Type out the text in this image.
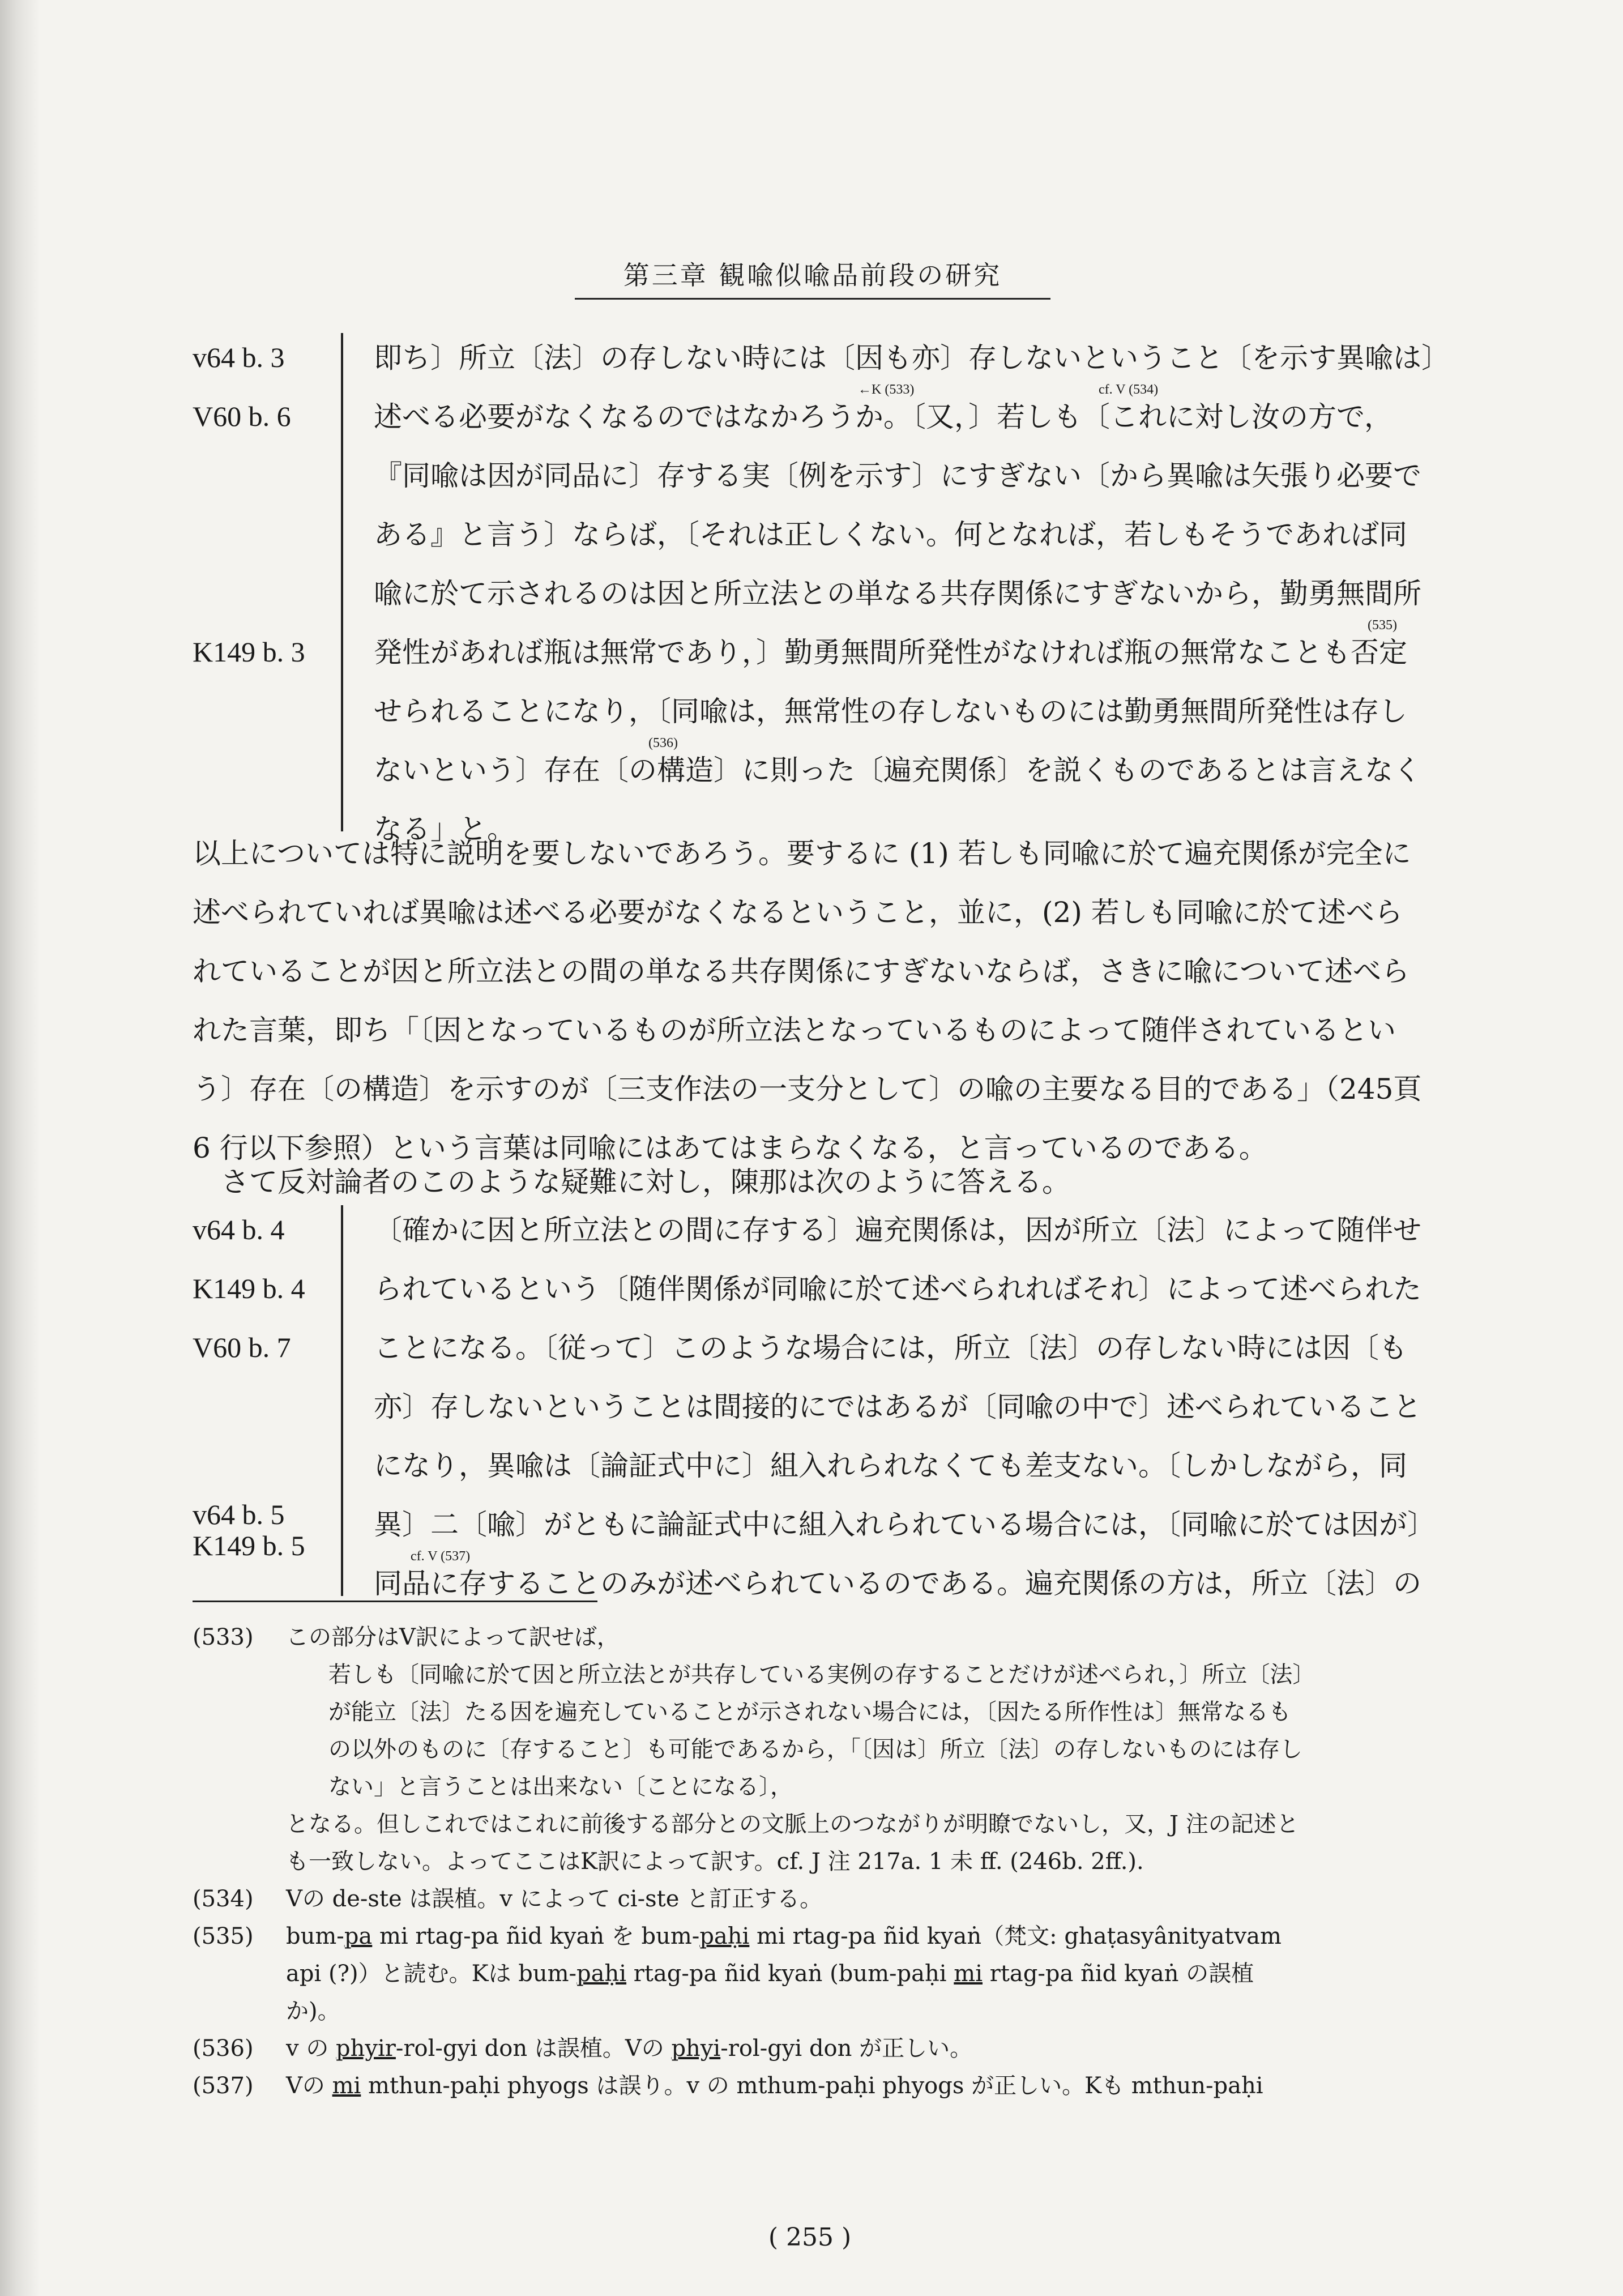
第三章 観喩似喩品前段の研究
v64 b. 3
V60 b. 6
K149 b. 3
即ち〕所立〔法〕の存しない時には〔因も亦〕存しないということ〔を示す異喩は〕
述べる必要がなくなるのではなかろうか。〔又，〕若しも〔これに対し汝の方で，
←K (533)	cf. V (534)
『同喩は因が同品に〕存する実〔例を示す〕にすぎない〔から異喩は矢張り必要で
ある』と言う〕ならば，〔それは正しくない。何となれば，若しもそうであれば同
喩に於て示されるのは因と所立法との単なる共存関係にすぎないから，勤勇無間所
発性があれば瓶は無常であり，〕勤勇無間所発性がなければ瓶の無常なことも否定
(535)
せられることになり，〔同喩は，無常性の存しないものには勤勇無間所発性は存し
ないという〕存在〔の構造〕に則った〔遍充関係〕を説くものであるとは言えなく
(536)
なる」と。
以上については特に説明を要しないであろう。要するに (1) 若しも同喩に於て遍充関係が完全に
述べられていれば異喩は述べる必要がなくなるということ，並に，(2) 若しも同喩に於て述べら
れていることが因と所立法との間の単なる共存関係にすぎないならば，さきに喩について述べら
れた言葉，即ち「〔因となっているものが所立法となっているものによって随伴されているとい
う〕存在〔の構造〕を示すのが〔三支作法の一支分として〕の喩の主要なる目的である」（245頁
6 行以下参照）という言葉は同喩にはあてはまらなくなる，と言っているのである。
さて反対論者のこのような疑難に対し，陳那は次のように答える。
v64 b. 4
K149 b. 4
V60 b. 7
v64 b. 5
K149 b. 5
〔確かに因と所立法との間に存する〕遍充関係は，因が所立〔法〕によって随伴せ
られているという〔随伴関係が同喩に於て述べられればそれ〕によって述べられた
ことになる。〔従って〕このような場合には，所立〔法〕の存しない時には因〔も
亦〕存しないということは間接的にではあるが〔同喩の中で〕述べられていること
になり，異喩は〔論証式中に〕組入れられなくても差支ない。〔しかしながら，同
異〕二〔喩〕がともに論証式中に組入れられている場合には，〔同喩に於ては因が〕
同品に存することのみが述べられているのである。遍充関係の方は，所立〔法〕の
cf. V (537)
(533) この部分はV訳によって訳せば，
若しも〔同喩に於て因と所立法とが共存している実例の存することだけが述べられ，〕所立〔法〕
が能立〔法〕たる因を遍充していることが示されない場合には，〔因たる所作性は〕無常なるも
の以外のものに〔存すること〕も可能であるから，「〔因は〕所立〔法〕の存しないものには存し
ない」と言うことは出来ない〔ことになる〕，
となる。但しこれではこれに前後する部分との文脈上のつながりが明瞭でないし，又，J 注の記述と
も一致しない。よってここはK訳によって訳す。cf. J 注 217a. 1 未 ff. (246b. 2ff.).
(534) Vの de-ste は誤植。v によって ci-ste と訂正する。
(535) bum-pa mi rtag-pa ñid kyaṅ を bum-paḥi mi rtag-pa ñid kyaṅ（梵文: ghaṭasyânityatvam
api (?)）と読む。Kは bum-paḥi rtag-pa ñid kyaṅ (bum-paḥi mi rtag-pa ñid kyaṅ の誤植
か)。
(536) v の phyir-rol-gyi don は誤植。Vの phyi-rol-gyi don が正しい。
(537) Vの mi mthun-paḥi phyogs は誤り。v の mthum-paḥi phyogs が正しい。Kも mthun-paḥi
( 255 )
